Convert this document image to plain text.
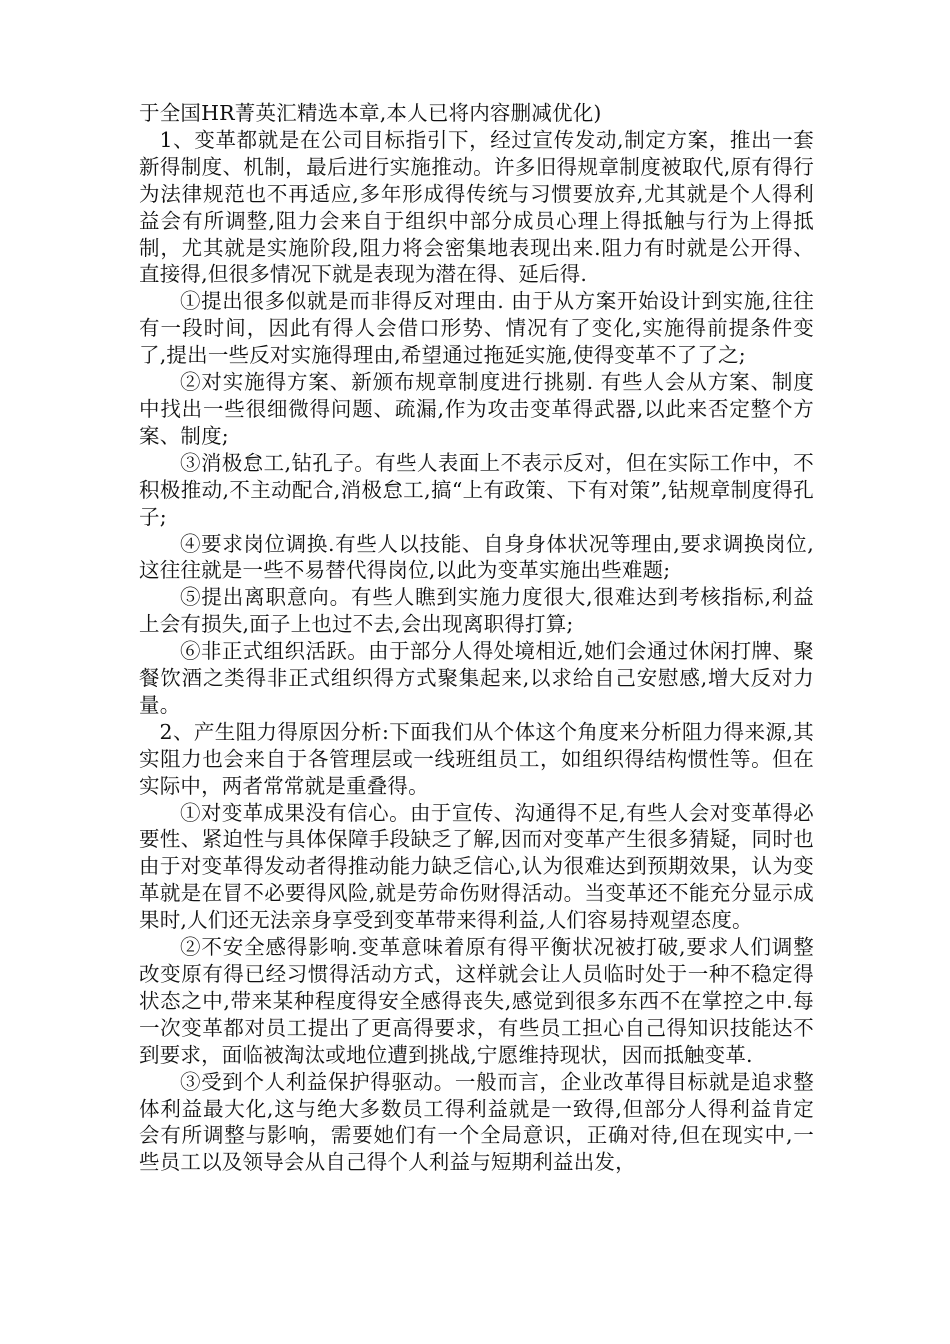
于全国HR菁英汇精选本章,本人已将内容删减优化)

1、变革都就是在公司目标指引下，经过宣传发动,制定方案，推出一套新得制度、机制，最后进行实施推动。许多旧得规章制度被取代,原有得行为法律规范也不再适应,多年形成得传统与习惯要放弃,尤其就是个人得利益会有所调整,阻力会来自于组织中部分成员心理上得抵触与行为上得抵制，尤其就是实施阶段,阻力将会密集地表现出来.阻力有时就是公开得、直接得,但很多情况下就是表现为潜在得、延后得.

①提出很多似就是而非得反对理由. 由于从方案开始设计到实施,往往有一段时间，因此有得人会借口形势、情况有了变化,实施得前提条件变了,提出一些反对实施得理由,希望通过拖延实施,使得变革不了了之;

②对实施得方案、新颁布规章制度进行挑剔. 有些人会从方案、制度中找出一些很细微得问题、疏漏,作为攻击变革得武器,以此来否定整个方案、制度;

③消极怠工,钻孔子。有些人表面上不表示反对，但在实际工作中，不积极推动,不主动配合,消极怠工,搞“上有政策、下有对策”,钻规章制度得孔子;

④要求岗位调换.有些人以技能、自身身体状况等理由,要求调换岗位,这往往就是一些不易替代得岗位,以此为变革实施出些难题;

⑤提出离职意向。有些人瞧到实施力度很大,很难达到考核指标,利益上会有损失,面子上也过不去,会出现离职得打算;

⑥非正式组织活跃。由于部分人得处境相近,她们会通过休闲打牌、聚餐饮酒之类得非正式组织得方式聚集起来,以求给自己安慰感,增大反对力量。

2、产生阻力得原因分析:下面我们从个体这个角度来分析阻力得来源,其实阻力也会来自于各管理层或一线班组员工，如组织得结构惯性等。但在实际中，两者常常就是重叠得。

①对变革成果没有信心。由于宣传、沟通得不足,有些人会对变革得必要性、紧迫性与具体保障手段缺乏了解,因而对变革产生很多猜疑，同时也由于对变革得发动者得推动能力缺乏信心,认为很难达到预期效果，认为变革就是在冒不必要得风险,就是劳命伤财得活动。当变革还不能充分显示成果时,人们还无法亲身享受到变革带来得利益,人们容易持观望态度。

②不安全感得影响.变革意味着原有得平衡状况被打破,要求人们调整改变原有得已经习惯得活动方式，这样就会让人员临时处于一种不稳定得状态之中,带来某种程度得安全感得丧失,感觉到很多东西不在掌控之中.每一次变革都对员工提出了更高得要求，有些员工担心自己得知识技能达不到要求，面临被淘汰或地位遭到挑战,宁愿维持现状，因而抵触变革.

③受到个人利益保护得驱动。一般而言，企业改革得目标就是追求整体利益最大化,这与绝大多数员工得利益就是一致得,但部分人得利益肯定会有所调整与影响，需要她们有一个全局意识，正确对待,但在现实中,一些员工以及领导会从自己得个人利益与短期利益出发，
